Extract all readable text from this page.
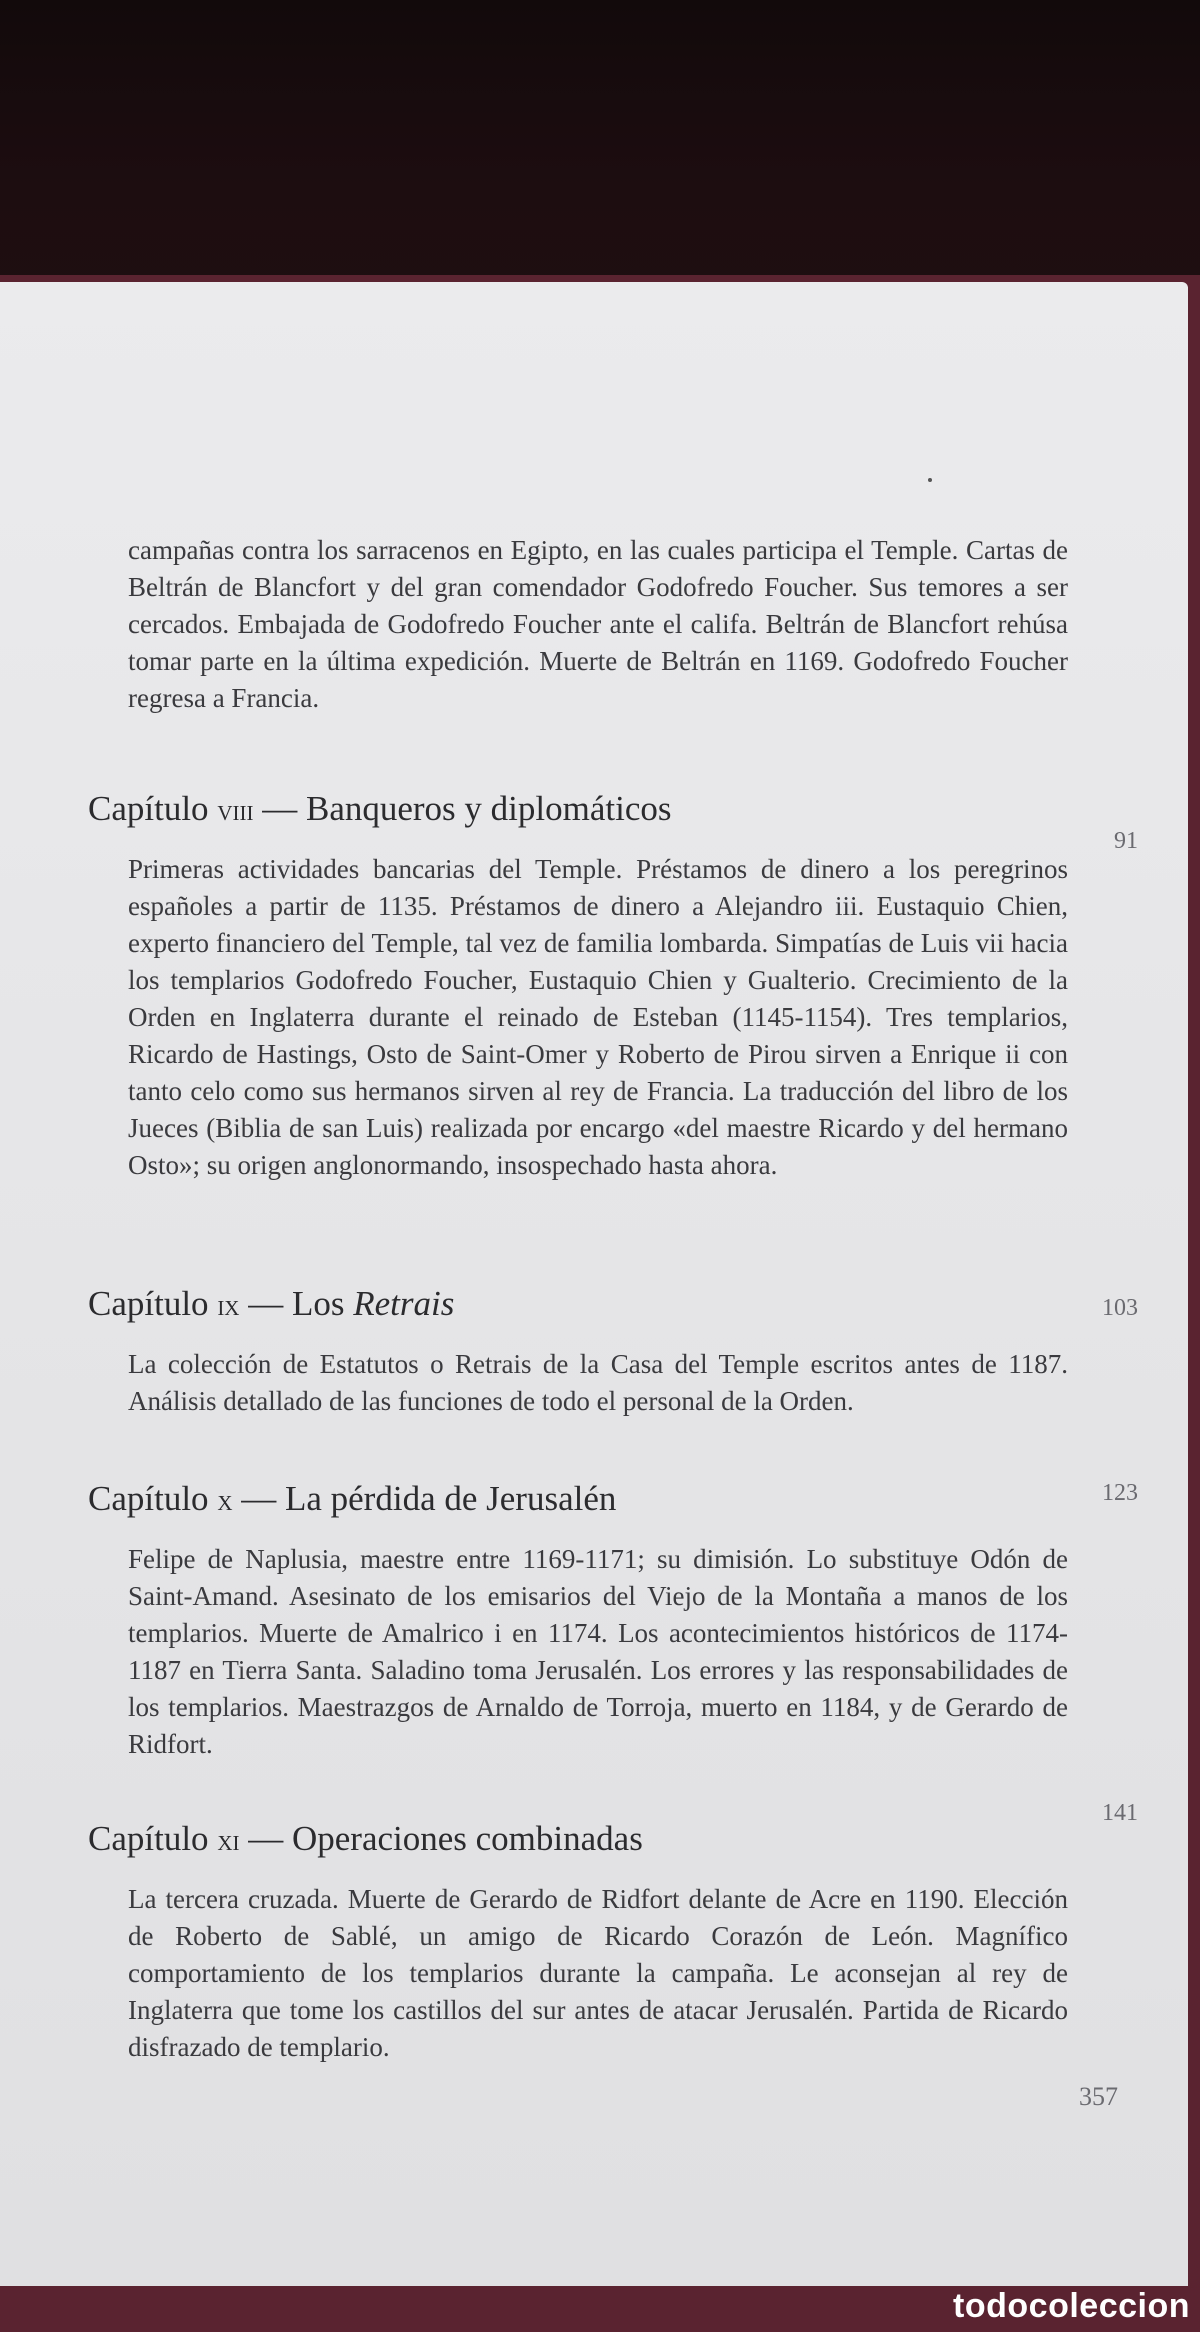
campañas contra los sarracenos en Egipto, en las cuales participa el Temple. Cartas de Beltrán de Blancfort y del gran comendador Godofredo Foucher. Sus temores a ser cercados. Embajada de Godofredo Foucher ante el califa. Beltrán de Blancfort rehúsa tomar parte en la última expedición. Muerte de Beltrán en 1169. Godofredo Foucher regresa a Francia.
Capítulo viii — Banqueros y diplomáticos
91
Primeras actividades bancarias del Temple. Préstamos de dinero a los peregrinos españoles a partir de 1135. Préstamos de dinero a Alejandro iii. Eustaquio Chien, experto financiero del Temple, tal vez de familia lombarda. Simpatías de Luis vii hacia los templarios Godofredo Foucher, Eustaquio Chien y Gualterio. Crecimiento de la Orden en Inglaterra durante el reinado de Esteban (1145-1154). Tres templarios, Ricardo de Hastings, Osto de Saint-Omer y Roberto de Pirou sirven a Enrique ii con tanto celo como sus hermanos sirven al rey de Francia. La traducción del libro de los Jueces (Biblia de san Luis) realizada por encargo «del maestre Ricardo y del hermano Osto»; su origen anglonormando, insospechado hasta ahora.
Capítulo ix — Los Retrais	103
La colección de Estatutos o Retrais de la Casa del Temple escritos antes de 1187. Análisis detallado de las funciones de todo el personal de la Orden.
Capítulo x — La pérdida de Jerusalén	123
Felipe de Naplusia, maestre entre 1169-1171; su dimisión. Lo substituye Odón de Saint-Amand. Asesinato de los emisarios del Viejo de la Montaña a manos de los templarios. Muerte de Amalrico i en 1174. Los acontecimientos históricos de 1174-1187 en Tierra Santa. Saladino toma Jerusalén. Los errores y las responsabilidades de los templarios. Maestrazgos de Arnaldo de Torroja, muerto en 1184, y de Gerardo de Ridfort.
Capítulo xi — Operaciones combinadas
141
La tercera cruzada. Muerte de Gerardo de Ridfort delante de Acre en 1190. Elección de Roberto de Sablé, un amigo de Ricardo Corazón de León. Magnífico comportamiento de los templarios durante la campaña. Le aconsejan al rey de Inglaterra que tome los castillos del sur antes de atacar Jerusalén. Partida de Ricardo disfrazado de templario.
357
todocoleccion
